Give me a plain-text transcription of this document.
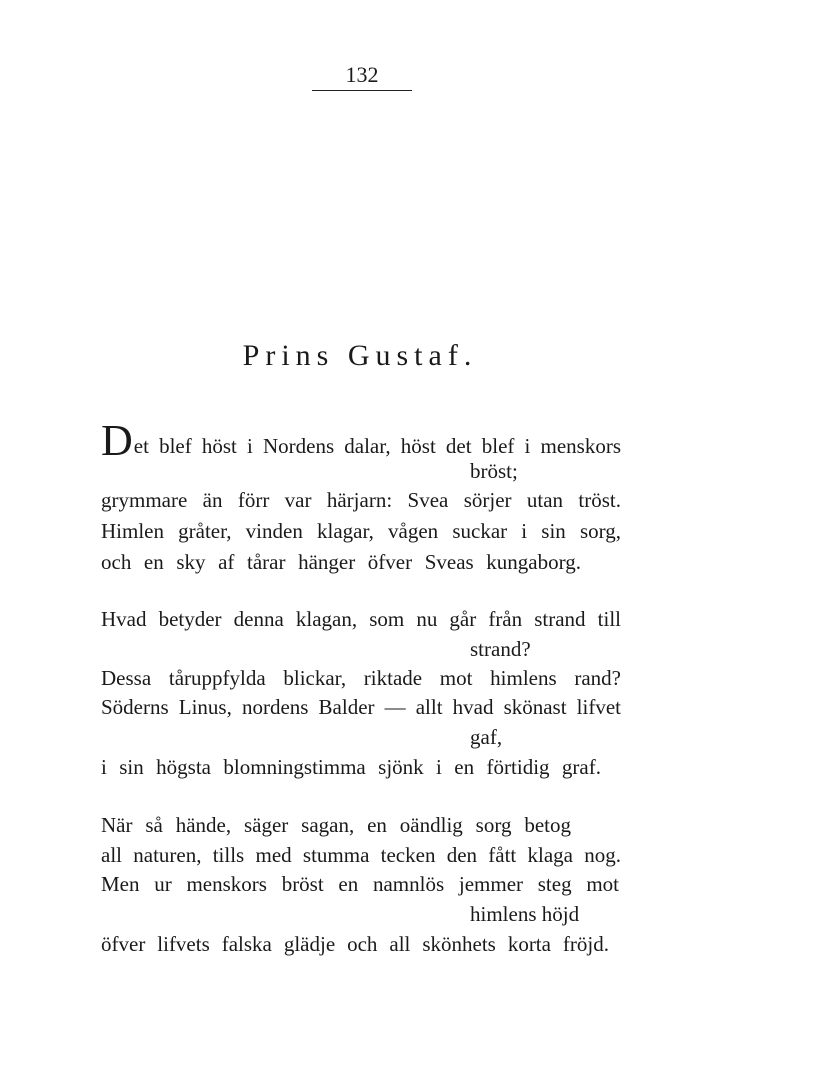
132
Prins Gustaf.
Det blef höst i Nordens dalar, höst det blef i menskors
bröst;
grymmare än förr var härjarn: Svea sörjer utan tröst.
Himlen gråter, vinden klagar, vågen suckar i sin sorg,
och en sky af tårar hänger öfver Sveas kungaborg.
Hvad betyder denna klagan, som nu går från strand till
strand?
Dessa tåruppfylda blickar, riktade mot himlens rand?
Söderns Linus, nordens Balder — allt hvad skönast lifvet
gaf,
i sin högsta blomningstimma sjönk i en förtidig graf.
När så hände, säger sagan, en oändlig sorg betog
all naturen, tills med stumma tecken den fått klaga nog.
Men ur menskors bröst en namnlös jemmer steg mot
himlens höjd
öfver lifvets falska glädje och all skönhets korta fröjd.
